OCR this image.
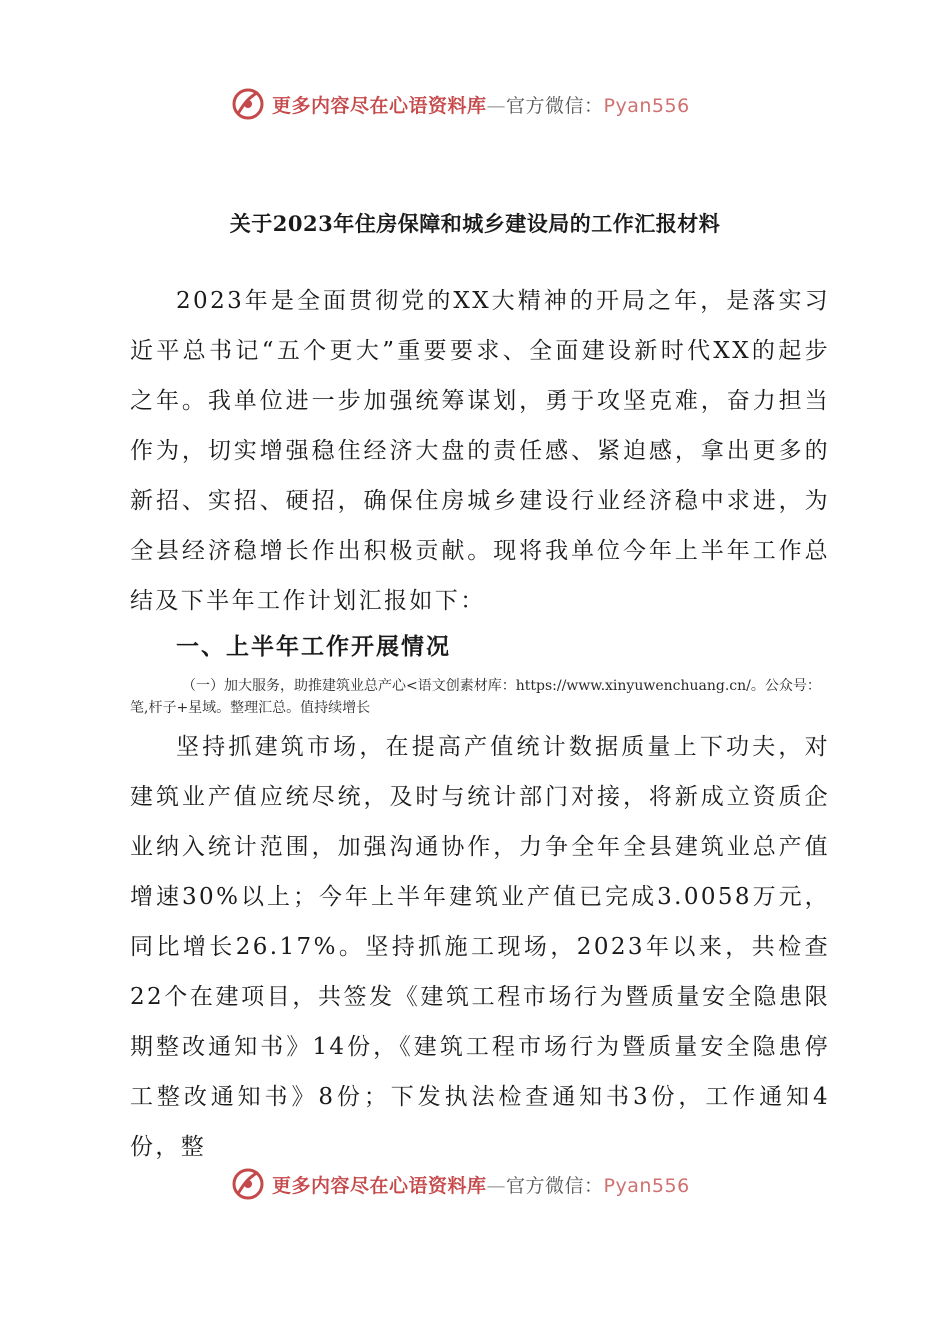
更多内容尽在心语资料库—官方微信：Pyan556
关于2023年住房保障和城乡建设局的工作汇报材料

2023年是全面贯彻党的XX大精神的开局之年，是落实习近平总书记“五个更大”重要要求、全面建设新时代XX的起步之年。我单位进一步加强统筹谋划，勇于攻坚克难，奋力担当作为，切实增强稳住经济大盘的责任感、紧迫感，拿出更多的新招、实招、硬招，确保住房城乡建设行业经济稳中求进，为全县经济稳增长作出积极贡献。现将我单位今年上半年工作总结及下半年工作计划汇报如下：

一、上半年工作开展情况

（一）加大服务，助推建筑业总产心<语文创素材库：https://www.xinyuwenchuang.cn/。公众号：笔,杆子+星域。整理汇总。值持续增长

坚持抓建筑市场，在提高产值统计数据质量上下功夫，对建筑业产值应统尽统，及时与统计部门对接，将新成立资质企业纳入统计范围，加强沟通协作，力争全年全县建筑业总产值增速30%以上；今年上半年建筑业产值已完成3.0058万元，同比增长26.17%。坚持抓施工现场，2023年以来，共检查22个在建项目，共签发《建筑工程市场行为暨质量安全隐患限期整改通知书》14份，《建筑工程市场行为暨质量安全隐患停工整改通知书》8份；下发执法检查通知书3份，工作通知4份，整

更多内容尽在心语资料库—官方微信：Pyan556
